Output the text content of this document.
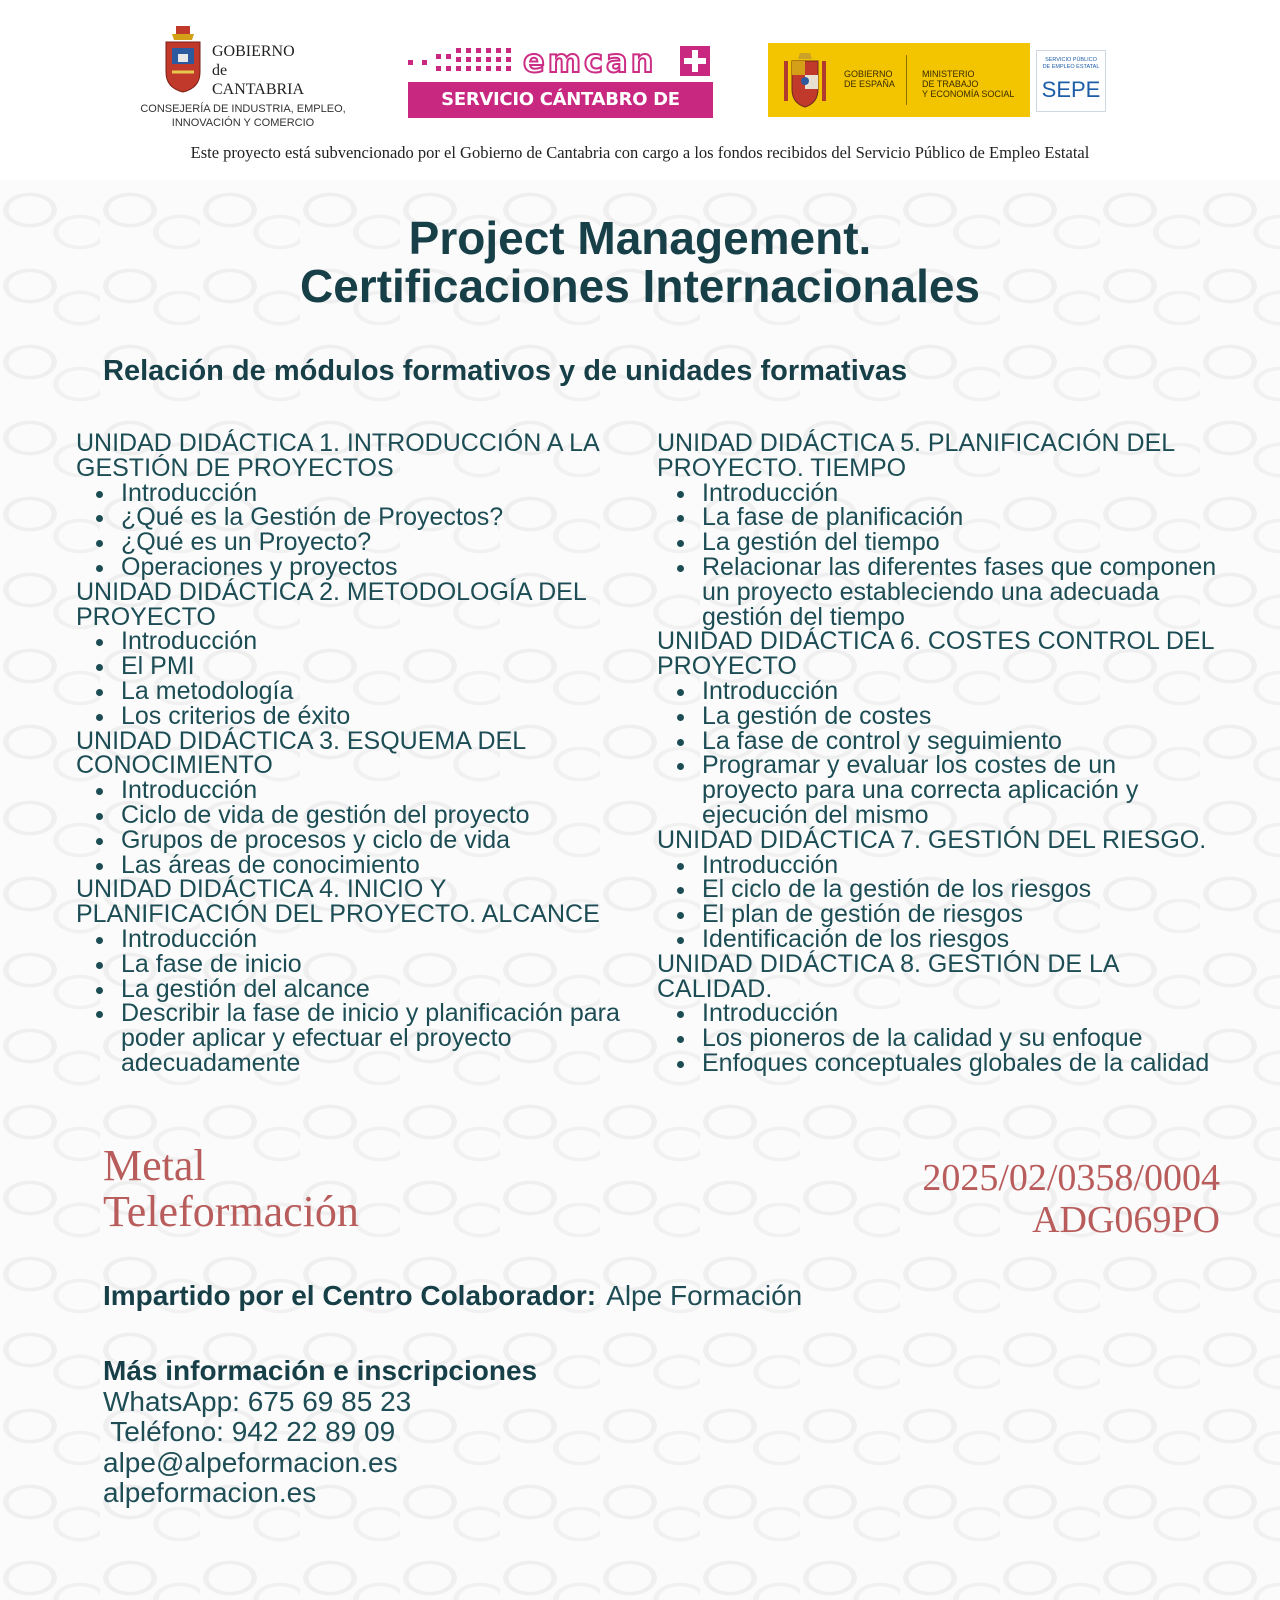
GOBIERNO
de
CANTABRIA
CONSEJERÍA DE INDUSTRIA, EMPLEO,
INNOVACIÓN Y COMERCIO
emcan
SERVICIO CÁNTABRO DE EMPLEO
GOBIERNO
DE ESPAÑA
MINISTERIO
DE TRABAJO
Y ECONOMÍA SOCIAL
SERVICIO PÚBLICO
DE EMPLEO ESTATAL
SEPE
Este proyecto está subvencionado por el Gobierno de Cantabria con cargo a los fondos recibidos del Servicio Público de Empleo Estatal
Project Management.
Certificaciones Internacionales
Relación de módulos formativos y de unidades formativas
UNIDAD DIDÁCTICA 1. INTRODUCCIÓN A LA GESTIÓN DE PROYECTOS
Introducción
¿Qué es la Gestión de Proyectos?
¿Qué es un Proyecto?
Operaciones y proyectos
UNIDAD DIDÁCTICA 2. METODOLOGÍA DEL PROYECTO
Introducción
El PMI
La metodología
Los criterios de éxito
UNIDAD DIDÁCTICA 3. ESQUEMA DEL CONOCIMIENTO
Introducción
Ciclo de vida de gestión del proyecto
Grupos de procesos y ciclo de vida
Las áreas de conocimiento
UNIDAD DIDÁCTICA 4. INICIO Y PLANIFICACIÓN DEL PROYECTO. ALCANCE
Introducción
La fase de inicio
La gestión del alcance
Describir la fase de inicio y planificación para poder aplicar y efectuar el proyecto adecuadamente
UNIDAD DIDÁCTICA 5. PLANIFICACIÓN DEL PROYECTO. TIEMPO
Introducción
La fase de planificación
La gestión del tiempo
Relacionar las diferentes fases que componen un proyecto estableciendo una adecuada gestión del tiempo
UNIDAD DIDÁCTICA 6. COSTES CONTROL DEL PROYECTO
Introducción
La gestión de costes
La fase de control y seguimiento
Programar y evaluar los costes de un proyecto para una correcta aplicación y ejecución del mismo
UNIDAD DIDÁCTICA 7. GESTIÓN DEL RIESGO.
Introducción
El ciclo de la gestión de los riesgos
El plan de gestión de riesgos
Identificación de los riesgos
UNIDAD DIDÁCTICA 8. GESTIÓN DE LA CALIDAD.
Introducción
Los pioneros de la calidad y su enfoque
Enfoques conceptuales globales de la calidad
Metal
Teleformación
2025/02/0358/0004
ADG069PO
Impartido por el Centro Colaborador: Alpe Formación
Más información e inscripciones
WhatsApp: 675 69 85 23
Teléfono: 942 22 89 09
alpe@alpeformacion.es
alpeformacion.es
